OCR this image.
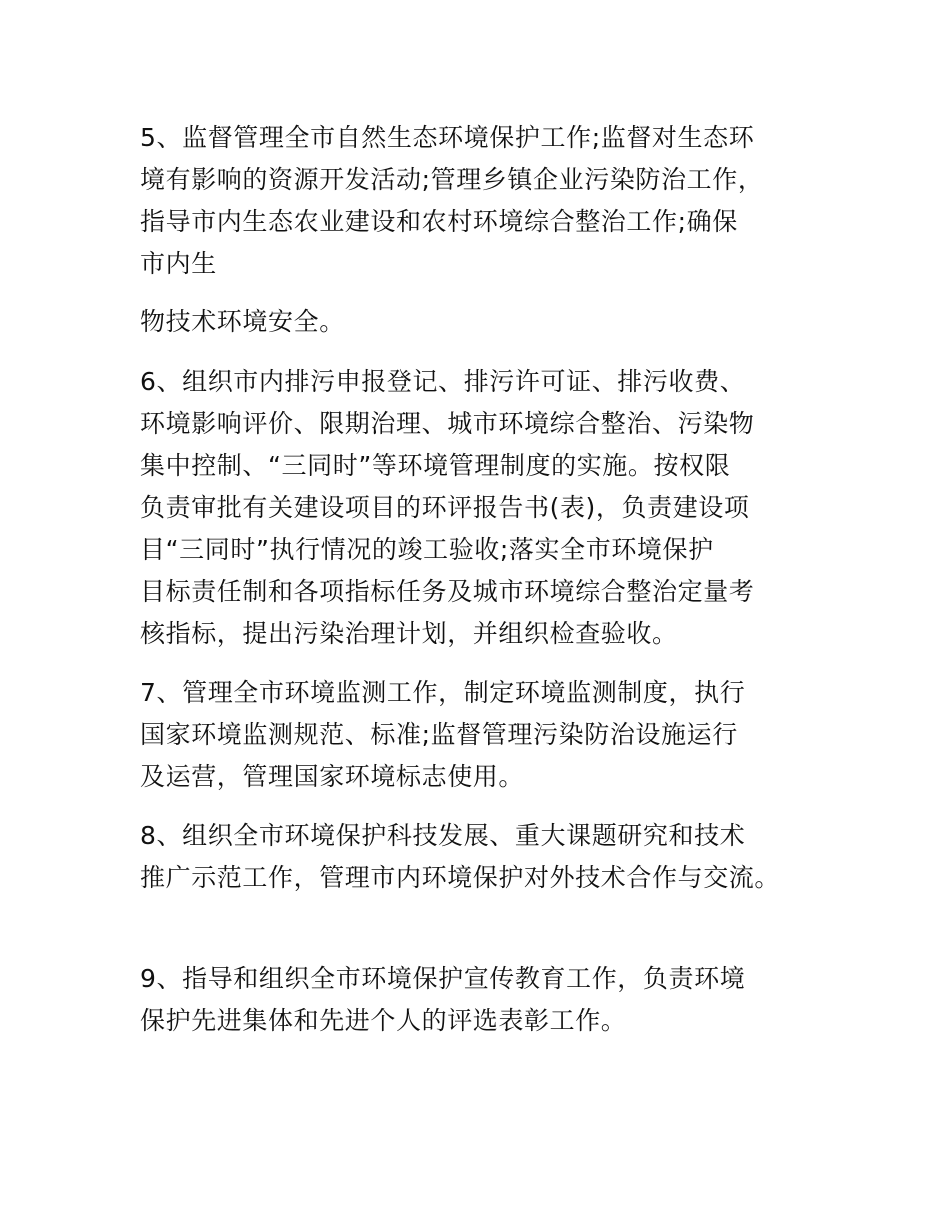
5、监督管理全市自然生态环境保护工作;监督对生态环
境有影响的资源开发活动;管理乡镇企业污染防治工作，
指导市内生态农业建设和农村环境综合整治工作;确保
市内生
物技术环境安全。
6、组织市内排污申报登记、排污许可证、排污收费、
环境影响评价、限期治理、城市环境综合整治、污染物
集中控制、“三同时”等环境管理制度的实施。按权限
负责审批有关建设项目的环评报告书(表)，负责建设项
目“三同时”执行情况的竣工验收;落实全市环境保护
目标责任制和各项指标任务及城市环境综合整治定量考
核指标，提出污染治理计划，并组织检查验收。
7、管理全市环境监测工作，制定环境监测制度，执行
国家环境监测规范、标准;监督管理污染防治设施运行
及运营，管理国家环境标志使用。
8、组织全市环境保护科技发展、重大课题研究和技术
推广示范工作，管理市内环境保护对外技术合作与交流。
9、指导和组织全市环境保护宣传教育工作，负责环境
保护先进集体和先进个人的评选表彰工作。
